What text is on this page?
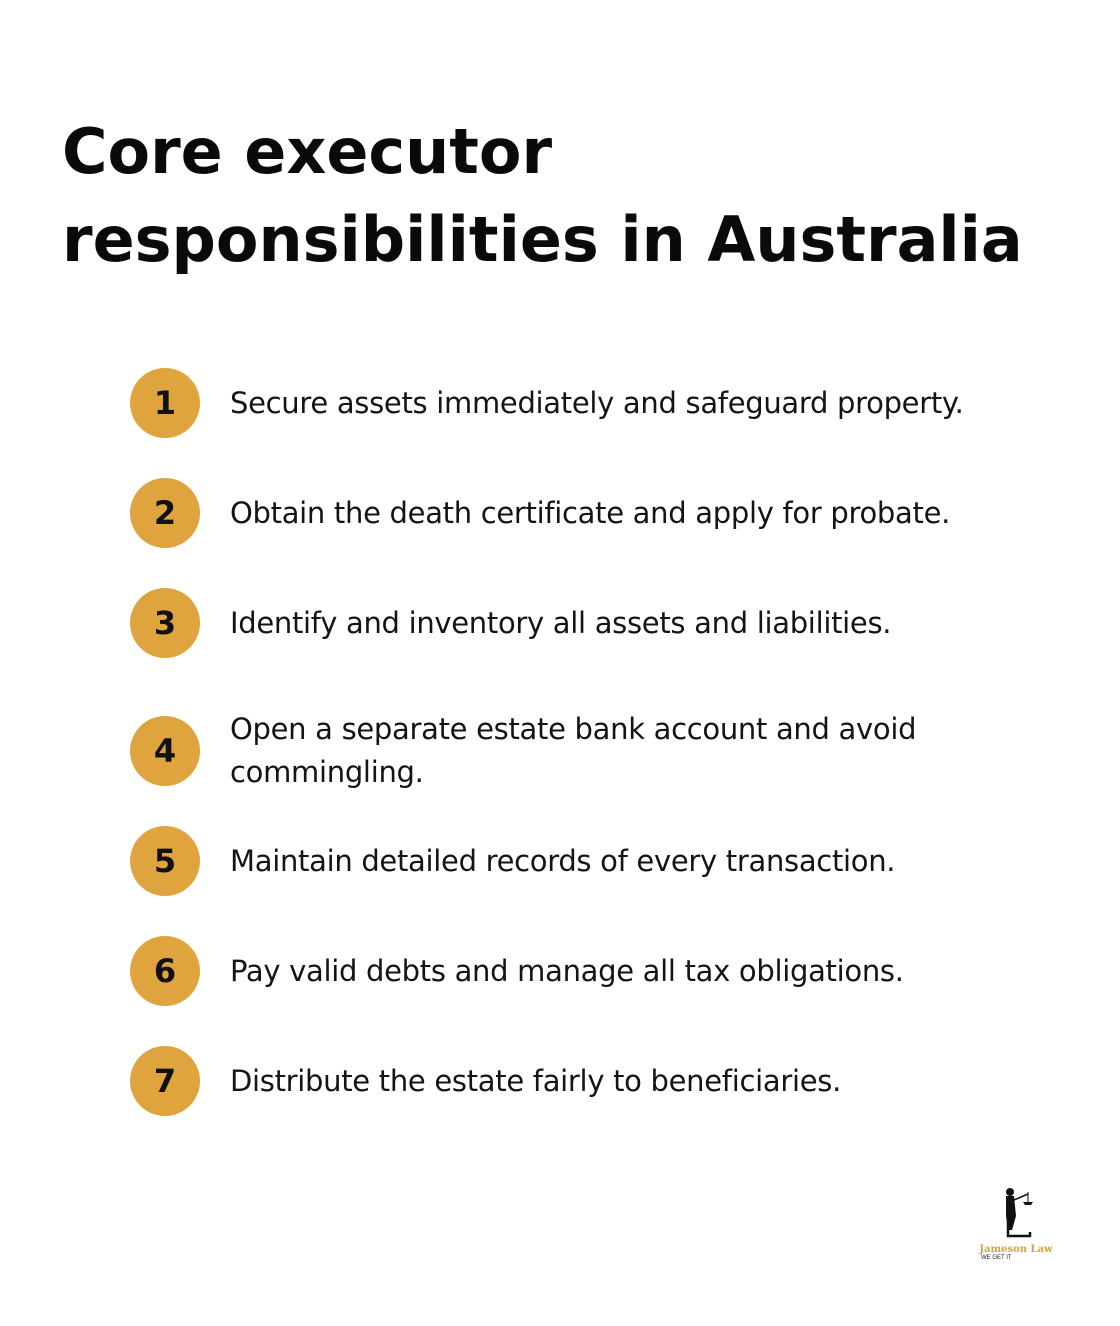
Core executor responsibilities in Australia
1	Secure assets immediately and safeguard property.
2	Obtain the death certificate and apply for probate.
3	Identify and inventory all assets and liabilities.
4
Open a separate estate bank account and avoid commingling.
5	Maintain detailed records of every transaction.
6	Pay valid debts and manage all tax obligations.
7	Distribute the estate fairly to beneficiaries.
Jameson Law
WE GET IT
